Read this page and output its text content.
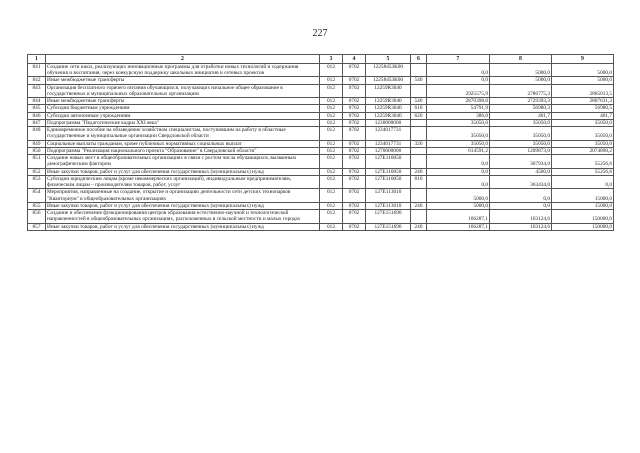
227
1	2	3	4	5	6	7	8	9
841	Создание сети школ, реализующих инновационные программы для отработки новых технологий и содержания обучения и воспитания, через конкурсную поддержку школьных инициатив и сетевых проектов	012	0702	12258453К00		0,0	5000,0	5000,0
842	Иные межбюджетные трансферты	012	0702	12258453К00	540	0,0	5000,0	5000,0
843	Организация бесплатного горячего питания обучающихся, получающих начальное общее образование в государственных и муниципальных образовательных организациях	012	0702	12259R3040		2925575,9	2786775,3	2865013,5
844	Иные межбюджетные трансферты	012	0702	12259R3040	540	2870398,0	2729393,3	2807631,3
845	Субсидии бюджетным учреждениям	012	0702	12259R3040	610	54791,9	56980,3	56980,5
846	Субсидии автономным учреждениям	012	0702	12259R3040	620	386,0	401,7	401,7
847	Подпрограмма "Педагогические кадры XXI века"	012	0702	1230000000		35050,0	35050,0	35050,0
848	Единовременное пособие на обзаведение хозяйством специалистам, поступившим на работу в областные государственные и муниципальные организации Свердловской области	012	0702	1234017731		35050,0	35050,0	35050,0
849	Социальные выплаты гражданам, кроме публичных нормативных социальных выплат	012	0702	1234017731	320	35050,0	35050,0	35050,0
850	Подпрограмма "Реализация национального проекта "Образование" в Свердловской области"	012	0702	1270000000		614591,2	1209873,0	2074890,2
851	Создание новых мест в общеобразовательных организациях в связи с ростом числа обучающихся, вызванным демографическим фактором	012	0702	127Е110050		0,0	367934,0	55256,6
852	Иные закупки товаров, работ и услуг для обеспечения государственных (муниципальных) нужд	012	0702	127Е110050	240	0,0	4500,0	55256,6
853	Субсидии юридическим лицам (кроме некоммерческих организаций), индивидуальным предпринимателям, физическим лицам – производителям товаров, работ, услуг	012	0702	127Е110050	810	0,0	363434,0	0,0
854	Мероприятия, направленные на создание, открытие и организацию деятельности сети детских технопарков "Кванториум" в общеобразовательных организациях	012	0702	127Е113010		5000,0	0,0	15000,0
855	Иные закупки товаров, работ и услуг для обеспечения государственных (муниципальных) нужд	012	0702	127Е113010	240	5000,0	0,0	15000,0
856	Создание и обеспечение функционирования центров образования естественно-научной и технологической направленностей в общеобразовательных организациях, расположенных в сельской местности и малых городах	012	0702	127Е151690		166287,1	163124,6	150000,0
857	Иные закупки товаров, работ и услуг для обеспечения государственных (муниципальных) нужд	012	0702	127Е151690	240	166287,1	163124,6	150000,0
